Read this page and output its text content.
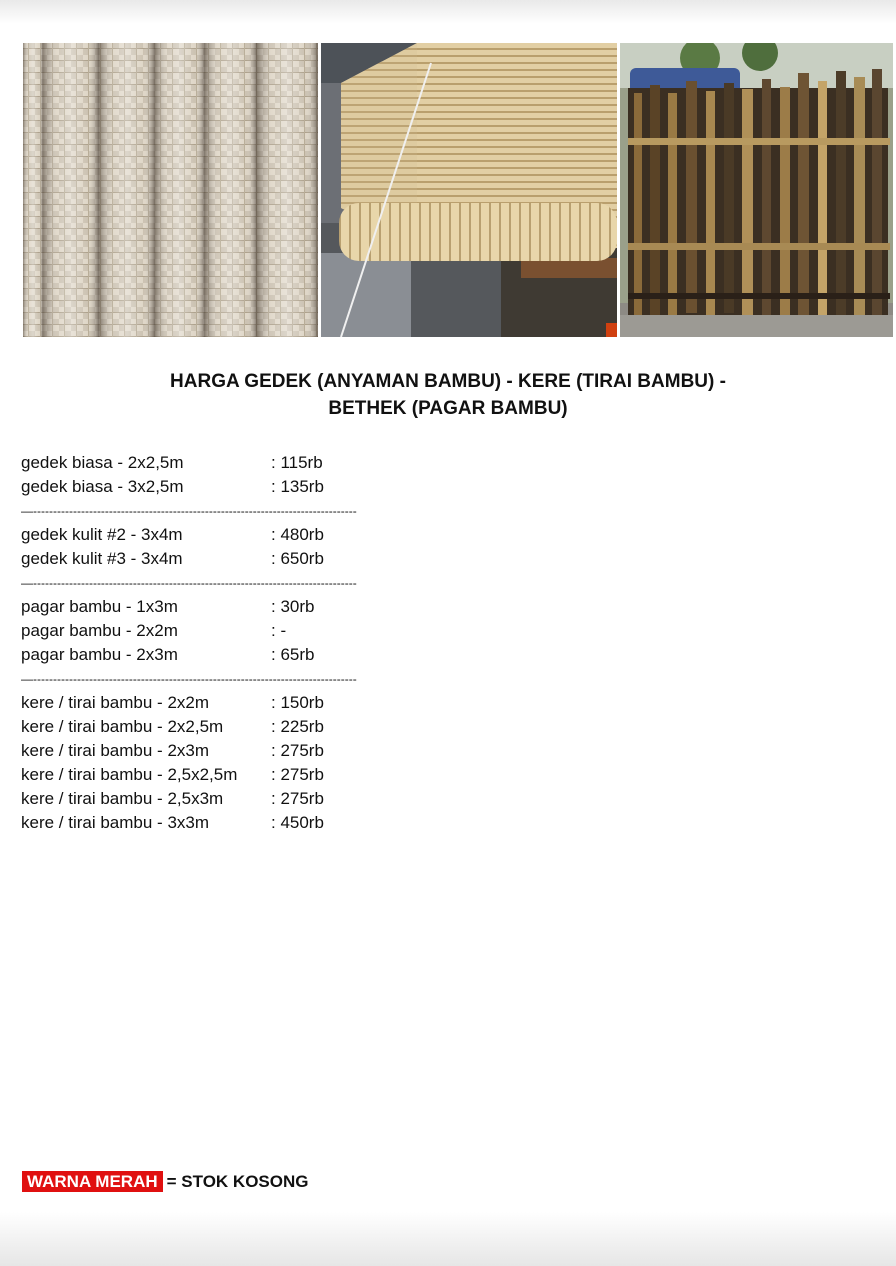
HARGA GEDEK (ANYAMAN BAMBU) - KERE (TIRAI BAMBU) -
BETHEK (PAGAR BAMBU)
gedek biasa - 2x2,5m	: 115rb
gedek biasa - 3x2,5m	: 135rb
—---------------------------------------------------------------------------------
gedek kulit #2 - 3x4m	: 480rb
gedek kulit #3 - 3x4m	: 650rb
—---------------------------------------------------------------------------------
pagar bambu - 1x3m	: 30rb
pagar bambu - 2x2m	: -
pagar bambu - 2x3m	: 65rb
—---------------------------------------------------------------------------------
kere / tirai bambu - 2x2m	: 150rb
kere / tirai bambu - 2x2,5m	: 225rb
kere / tirai bambu - 2x3m	: 275rb
kere / tirai bambu - 2,5x2,5m : 275rb
kere / tirai bambu - 2,5x3m	: 275rb
kere / tirai bambu - 3x3m	: 450rb
WARNA MERAH = STOK KOSONG
